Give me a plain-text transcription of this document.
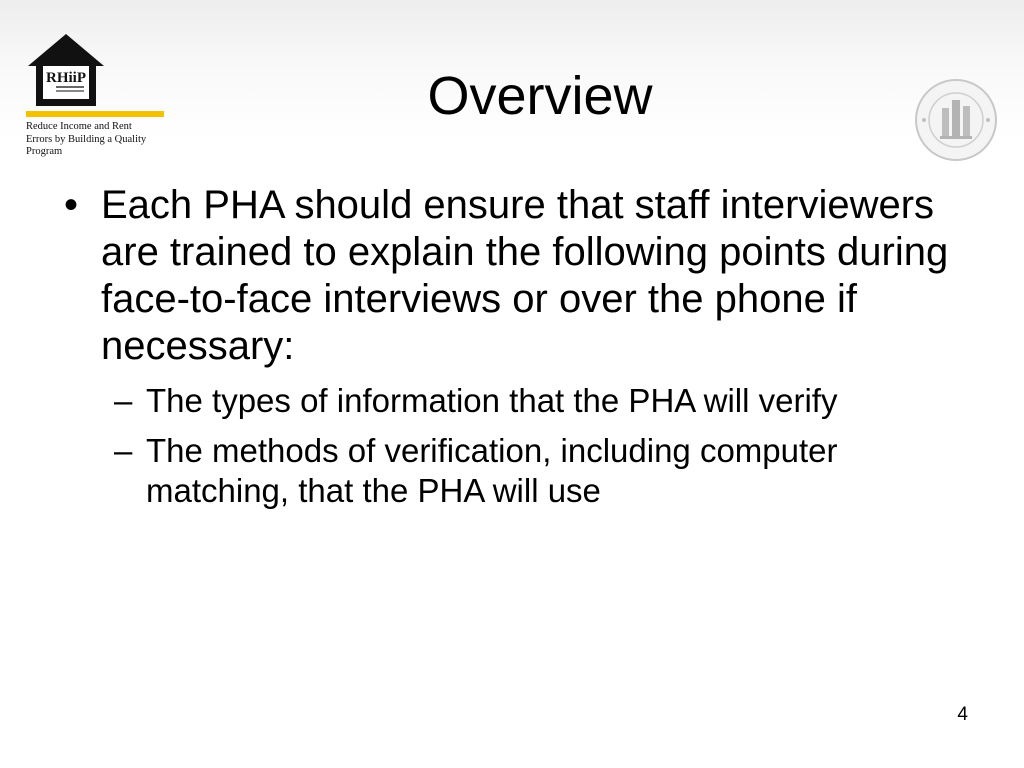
RHiiP
Reduce Income and Rent
Errors by Building a Quality
Program
Overview

• Each PHA should ensure that staff interviewers are trained to explain the following points during face-to-face interviews or over the phone if necessary:

– The types of information that the PHA will verify

– The methods of verification, including computer matching, that the PHA will use

4
